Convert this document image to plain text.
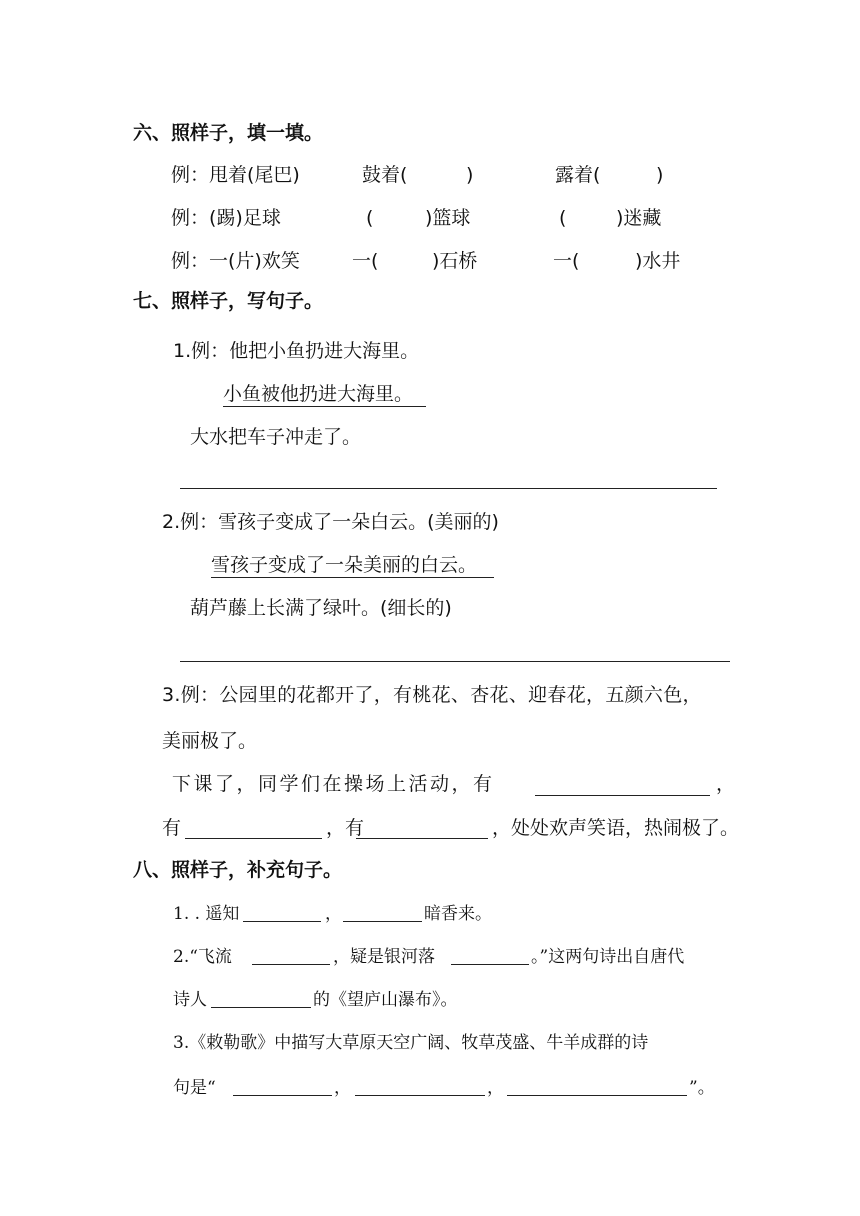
六、照样子，填一填。
例：甩着(尾巴)	鼓着(	)	露着(	)
例：(踢)足球	(	)篮球	(	)迷藏
例：一(片)欢笑	一(	)石桥	一(	)水井
七、照样子，写句子。
1.例：他把小鱼扔进大海里。
小鱼被他扔进大海里。
大水把车子冲走了。
2.例：雪孩子变成了一朵白云。(美丽的)
雪孩子变成了一朵美丽的白云。
葫芦藤上长满了绿叶。(细长的)
3.例：公园里的花都开了，有桃花、杏花、迎春花，五颜六色，
美丽极了。
下课了，同学们在操场上活动，有	，
有	，有	，处处欢声笑语，热闹极了。
八、照样子，补充句子。
1. . 遥知	，	暗香来。
2.“飞流	，疑是银河落	。”这两句诗出自唐代
诗人	的《望庐山瀑布》。
3.《敕勒歌》中描写大草原天空广阔、牧草茂盛、牛羊成群的诗
句是“	，	，	”。
